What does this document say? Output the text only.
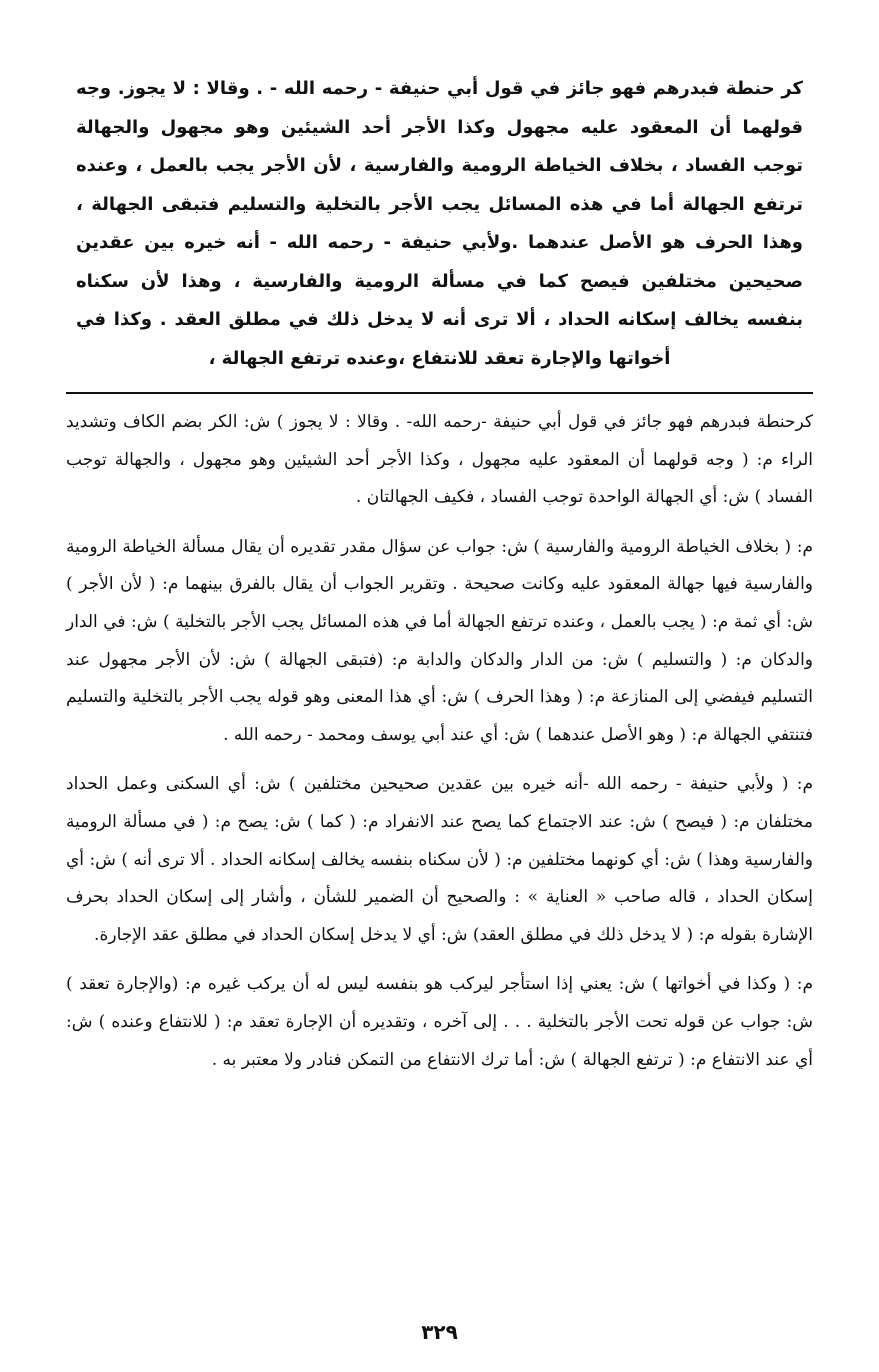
كر حنطة فبدرهم فهو جائز في قول أبي حنيفة - رحمه الله - . وقالا : لا يجوز. وجه قولهما أن المعقود عليه مجهول وكذا الأجر أحد الشيئين وهو مجهول والجهالة توجب الفساد ، بخلاف الخياطة الرومية والفارسية ، لأن الأجر يجب بالعمل ، وعنده ترتفع الجهالة أما في هذه المسائل يجب الأجر بالتخلية والتسليم فتبقى الجهالة ، وهذا الحرف هو الأصل عندهما .ولأبي حنيفة - رحمه الله - أنه خيره بين عقدين صحيحين مختلفين فيصح كما في مسألة الرومية والفارسية ، وهذا لأن سكناه بنفسه يخالف إسكانه الحداد ، ألا ترى أنه لا يدخل ذلك في مطلق العقد . وكذا في أخواتها والإجارة تعقد للانتفاع ،وعنده ترتفع الجهالة ،

كرحنطة فبدرهم فهو جائز في قول أبي حنيفة -رحمه الله- . وقالا : لا يجوز ) ش: الكر بضم الكاف وتشديد الراء م: ( وجه قولهما أن المعقود عليه مجهول ، وكذا الأجر أحد الشيئين وهو مجهول ، والجهالة توجب الفساد ) ش: أي الجهالة الواحدة توجب الفساد ، فكيف الجهالتان .

م: ( بخلاف الخياطة الرومية والفارسية ) ش: جواب عن سؤال مقدر تقديره أن يقال مسألة الخياطة الرومية والفارسية فيها جهالة المعقود عليه وكانت صحيحة . وتقرير الجواب أن يقال بالفرق بينهما م: ( لأن الأجر ) ش: أي ثمة م: ( يجب بالعمل ، وعنده ترتفع الجهالة أما في هذه المسائل يجب الأجر بالتخلية ) ش: في الدار والدكان م: ( والتسليم ) ش: من الدار والدكان والدابة م: (فتبقى الجهالة ) ش: لأن الأجر مجهول عند التسليم فيفضي إلى المنازعة م: ( وهذا الحرف ) ش: أي هذا المعنى وهو قوله يجب الأجر بالتخلية والتسليم فتنتفي الجهالة م: ( وهو الأصل عندهما ) ش: أي عند أبي يوسف ومحمد - رحمه الله .

م: ( ولأبي حنيفة - رحمه الله -أنه خيره بين عقدين صحيحين مختلفين ) ش: أي السكنى وعمل الحداد مختلفان م: ( فيصح ) ش: عند الاجتماع كما يصح عند الانفراد م: ( كما ) ش: يصح م: ( في مسألة الرومية والفارسية وهذا ) ش: أي كونهما مختلفين م: ( لأن سكناه بنفسه يخالف إسكانه الحداد . ألا ترى أنه ) ش: أي إسكان الحداد ، قاله صاحب « العناية » : والصحيح أن الضمير للشأن ، وأشار إلى إسكان الحداد بحرف الإشارة بقوله م: ( لا يدخل ذلك في مطلق العقد) ش: أي لا يدخل إسكان الحداد في مطلق عقد الإجارة.

م: ( وكذا في أخواتها ) ش: يعني إذا استأجر ليركب هو بنفسه ليس له أن يركب غيره م: (والإجارة تعقد ) ش: جواب عن قوله تحت الأجر بالتخلية . . . إلى آخره ، وتقديره أن الإجارة تعقد م: ( للانتفاع وعنده ) ش: أي عند الانتفاع م: ( ترتفع الجهالة ) ش: أما ترك الانتفاع من التمكن فنادر ولا معتبر به .

٣٢٩
